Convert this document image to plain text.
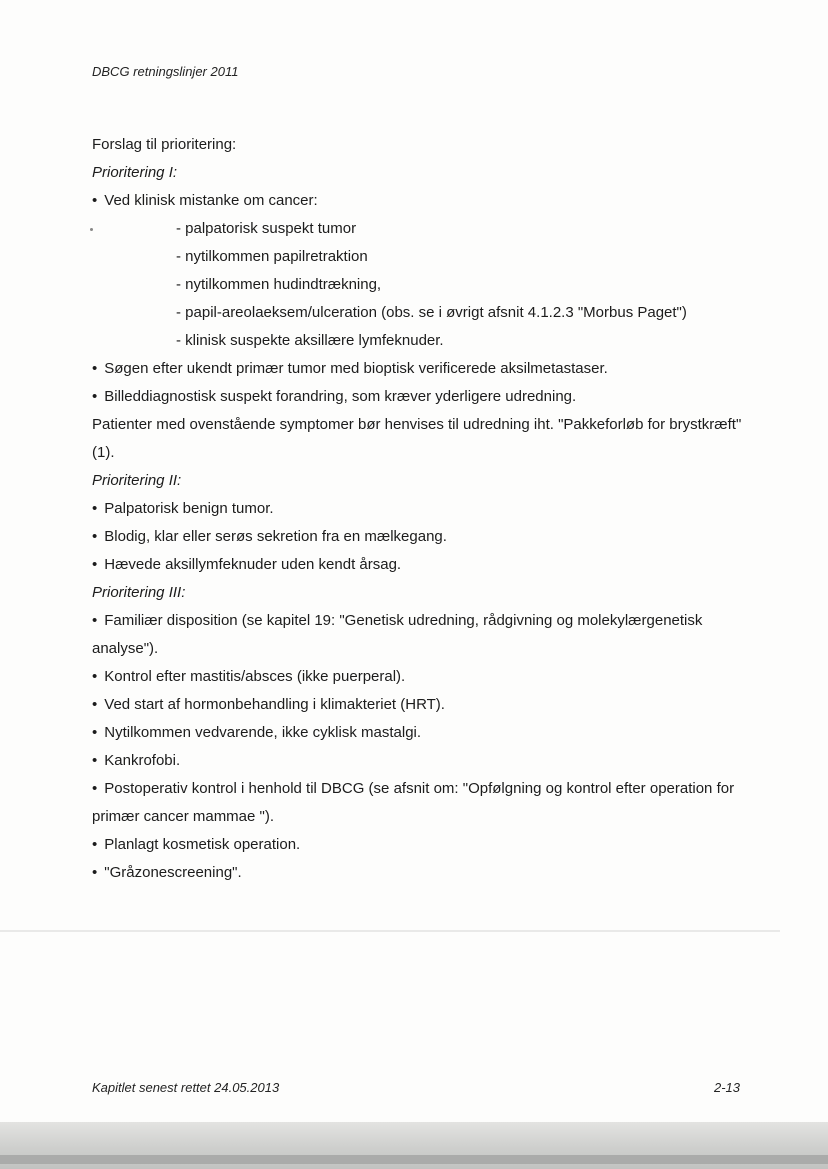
DBCG retningslinjer 2011

Forslag til prioritering:

Prioritering I:

• Ved klinisk mistanke om cancer:

- palpatorisk suspekt tumor

- nytilkommen papilretraktion

- nytilkommen hudindtrækning,

- papil-areolaeksem/ulceration (obs. se i øvrigt afsnit 4.1.2.3 "Morbus Paget")

- klinisk suspekte aksillære lymfeknuder.

• Søgen efter ukendt primær tumor med bioptisk verificerede aksilmetastaser.

• Billeddiagnostisk suspekt forandring, som kræver yderligere udredning.

Patienter med ovenstående symptomer bør henvises til udredning iht. "Pakkeforløb for brystkræft"(1).

Prioritering II:

• Palpatorisk benign tumor.

• Blodig, klar eller serøs sekretion fra en mælkegang.

• Hævede aksillymfeknuder uden kendt årsag.

Prioritering III:

• Familiær disposition (se kapitel 19: "Genetisk udredning, rådgivning og molekylærgenetisk analyse").

• Kontrol efter mastitis/absces (ikke puerperal).

• Ved start af hormonbehandling i klimakteriet (HRT).

• Nytilkommen vedvarende, ikke cyklisk mastalgi.

• Kankrofobi.

• Postoperativ kontrol i henhold til DBCG (se afsnit om: "Opfølgning og kontrol efter operation for primær cancer mammae ").

• Planlagt kosmetisk operation.

• "Gråzonescreening".

Kapitlet senest rettet 24.05.2013	2-13
